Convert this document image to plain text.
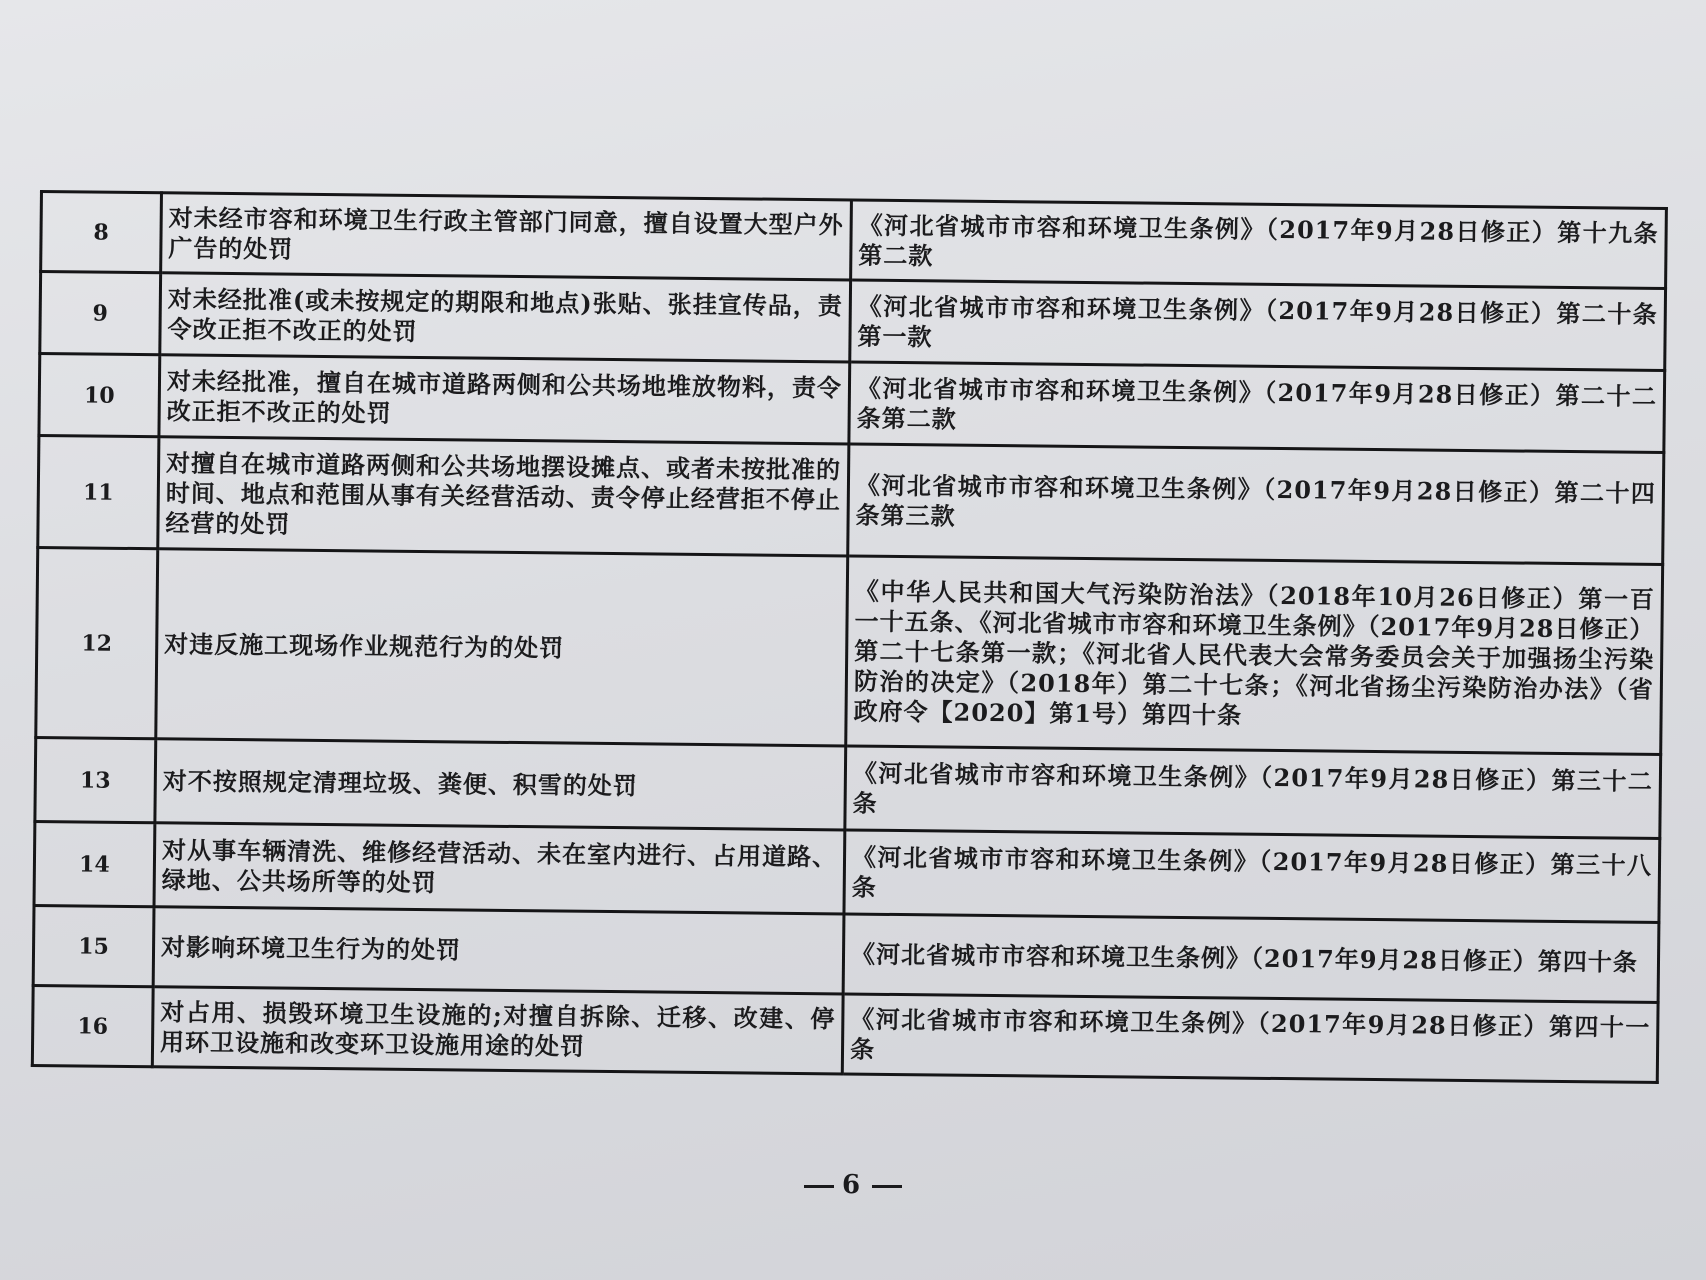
8	对未经市容和环境卫生行政主管部门同意，擅自设置大型户外广告的处罚	《河北省城市市容和环境卫生条例》（2017年9月28日修正）第十九条第二款
9	对未经批准(或未按规定的期限和地点)张贴、张挂宣传品，责令改正拒不改正的处罚	《河北省城市市容和环境卫生条例》（2017年9月28日修正）第二十条第一款
10	对未经批准，擅自在城市道路两侧和公共场地堆放物料，责令改正拒不改正的处罚	《河北省城市市容和环境卫生条例》（2017年9月28日修正）第二十二条第二款
11	对擅自在城市道路两侧和公共场地摆设摊点、或者未按批准的时间、地点和范围从事有关经营活动、责令停止经营拒不停止经营的处罚	《河北省城市市容和环境卫生条例》（2017年9月28日修正）第二十四条第三款
12	对违反施工现场作业规范行为的处罚	《中华人民共和国大气污染防治法》（2018年10月26日修正）第一百一十五条、《河北省城市市容和环境卫生条例》（2017年9月28日修正）第二十七条第一款；《河北省人民代表大会常务委员会关于加强扬尘污染防治的决定》（2018年）第二十七条；《河北省扬尘污染防治办法》（省政府令【2020】第1号）第四十条
13	对不按照规定清理垃圾、粪便、积雪的处罚	《河北省城市市容和环境卫生条例》（2017年9月28日修正）第三十二条
14	对从事车辆清洗、维修经营活动、未在室内进行、占用道路、绿地、公共场所等的处罚	《河北省城市市容和环境卫生条例》（2017年9月28日修正）第三十八条
15	对影响环境卫生行为的处罚	《河北省城市市容和环境卫生条例》（2017年9月28日修正）第四十条
16	对占用、损毁环境卫生设施的;对擅自拆除、迁移、改建、停用环卫设施和改变环卫设施用途的处罚	《河北省城市市容和环境卫生条例》（2017年9月28日修正）第四十一条
6
